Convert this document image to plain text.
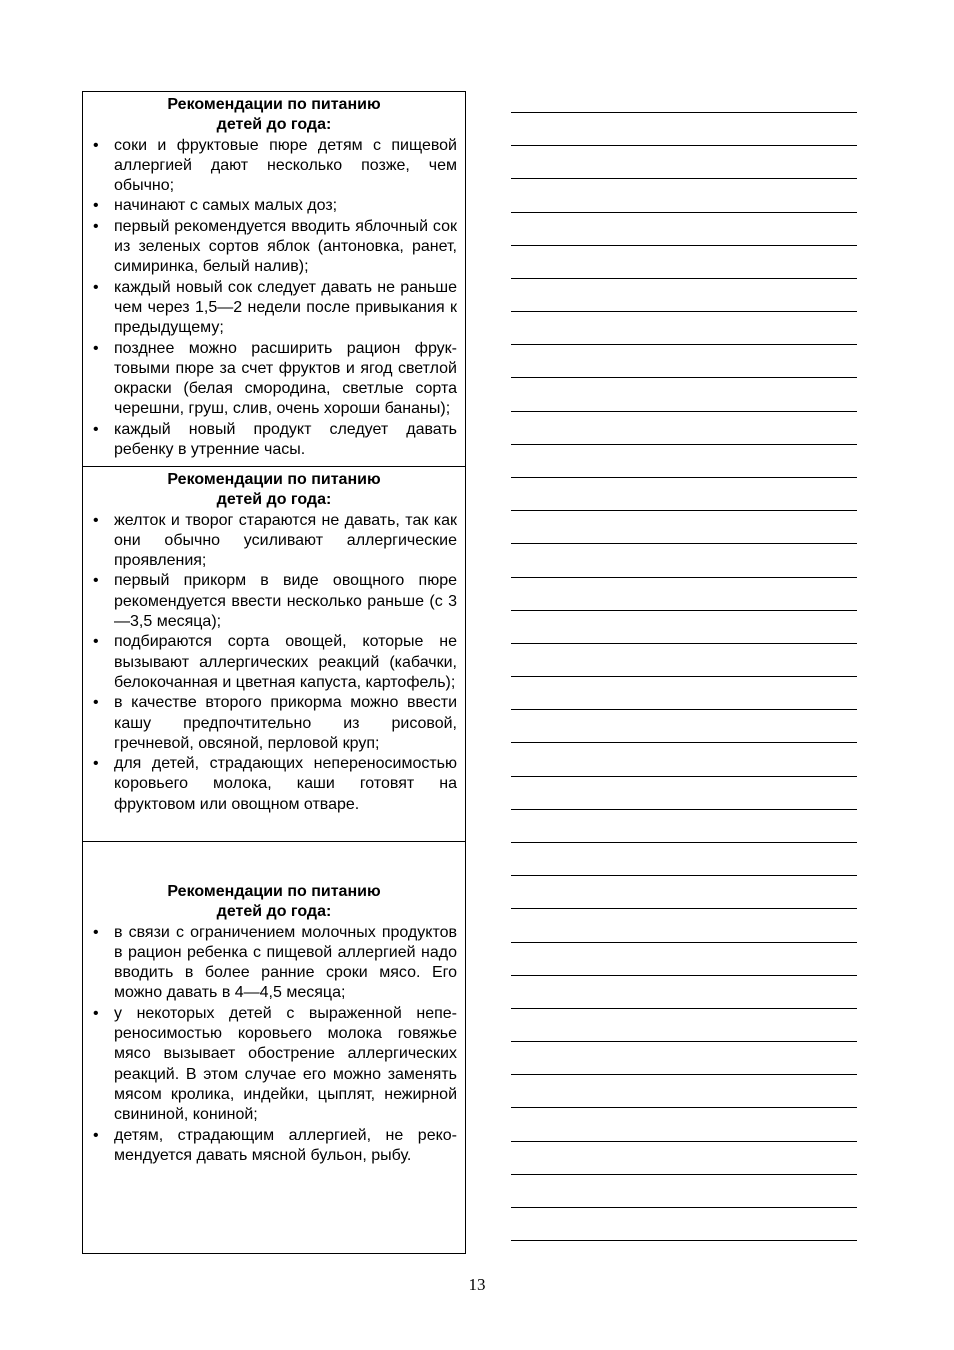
Рекомендации по питанию
детей до года:
• соки и фруктовые пюре детям с пищевой аллергией дают несколько позже, чем обычно;
• начинают с самых малых доз;
• первый рекомендуется вводить яблочный сок из зеленых сортов яблок (антоновка, ранет, симиринка, белый налив);
• каждый новый сок следует давать не раньше чем через 1,5—2 недели после привыкания к предыдущему;
• позднее можно расширить рацион фруктовыми пюре за счет фруктов и ягод светлой окраски (белая смородина, светлые сорта черешни, груш, слив, очень хороши бананы);
• каждый новый продукт следует давать ребенку в утренние часы.
Рекомендации по питанию
детей до года:
• желток и творог стараются не давать, так как они обычно усиливают аллергические проявления;
• первый прикорм в виде овощного пюре рекомендуется ввести несколько раньше (с 3—3,5 месяца);
• подбираются сорта овощей, которые не вызывают аллергических реакций (кабачки, белокочанная и цветная капуста, картофель);
• в качестве второго прикорма можно ввести кашу предпочтительно из рисовой, гречневой, овсяной, перловой круп;
• для детей, страдающих непереносимостью коровьего молока, каши готовят на фруктовом или овощном отваре.
Рекомендации по питанию
детей до года:
• в связи с ограничением молочных продуктов в рацион ребенка с пищевой аллергией надо вводить в более ранние сроки мясо. Его можно давать в 4—4,5 месяца;
• у некоторых детей с выраженной непереносимостью коровьего молока говяжье мясо вызывает обострение аллергических реакций. В этом случае его можно заменять мясом кролика, индейки, цыплят, нежирной свининой, кониной;
• детям, страдающим аллергией, не рекомендуется давать мясной бульон, рыбу.
13
